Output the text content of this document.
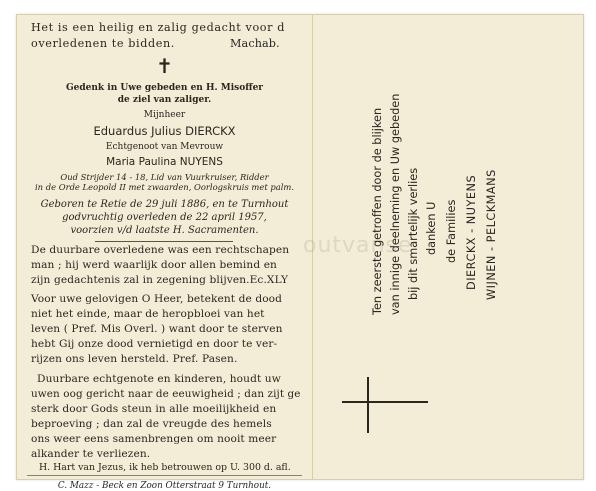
Het is een heilig en zalig gedacht voor d
overledenen te bidden.	Machab.
✝
Gedenk in Uwe gebeden en H. Misoffer
de ziel van zaliger.
Mijnheer
Eduardus Julius DIERCKX
Echtgenoot van Mevrouw
Maria Paulina NUYENS
Oud Strijder 14 - 18, Lid van Vuurkruiser, Ridder
in de Orde Leopold II met zwaarden, Oorlogskruis met palm.
Geboren te Retie de 29 juli 1886, en te Turnhout
godvruchtig overleden de 22 april 1957,
voorzien v/d laatste H. Sacramenten.
De duurbare overledene was een rechtschapen
man ; hij werd waarlijk door allen bemind en
zijn gedachtenis zal in zegening blijven.Ec.XLY
Voor uwe gelovigen O Heer, betekent de dood
niet het einde, maar de heropbloei van het
leven ( Pref. Mis Overl. ) want door te sterven
hebt Gij onze dood vernietigd en door te ver-
rijzen ons leven hersteld. Pref. Pasen.
Duurbare echtgenote en kinderen, houdt uw
uwen oog gericht naar de eeuwigheid ; dan zijt ge
sterk door Gods steun in alle moeilijkheid en
beproeving ; dan zal de vreugde des hemels
ons weer eens samenbrengen om nooit meer
alkander te verliezen.
H. Hart van Jezus, ik heb betrouwen op U. 300 d. afl.
C. Mazz - Beck en Zoon Otterstraat 9 Turnhout.
outvanse
Ten zeerste getroffen door de blijken van innige deelneming en Uw gebeden bij dit smartelijk verlies danken U de Families DIERCKX - NUYENS WIJNEN - PELCKMANS
